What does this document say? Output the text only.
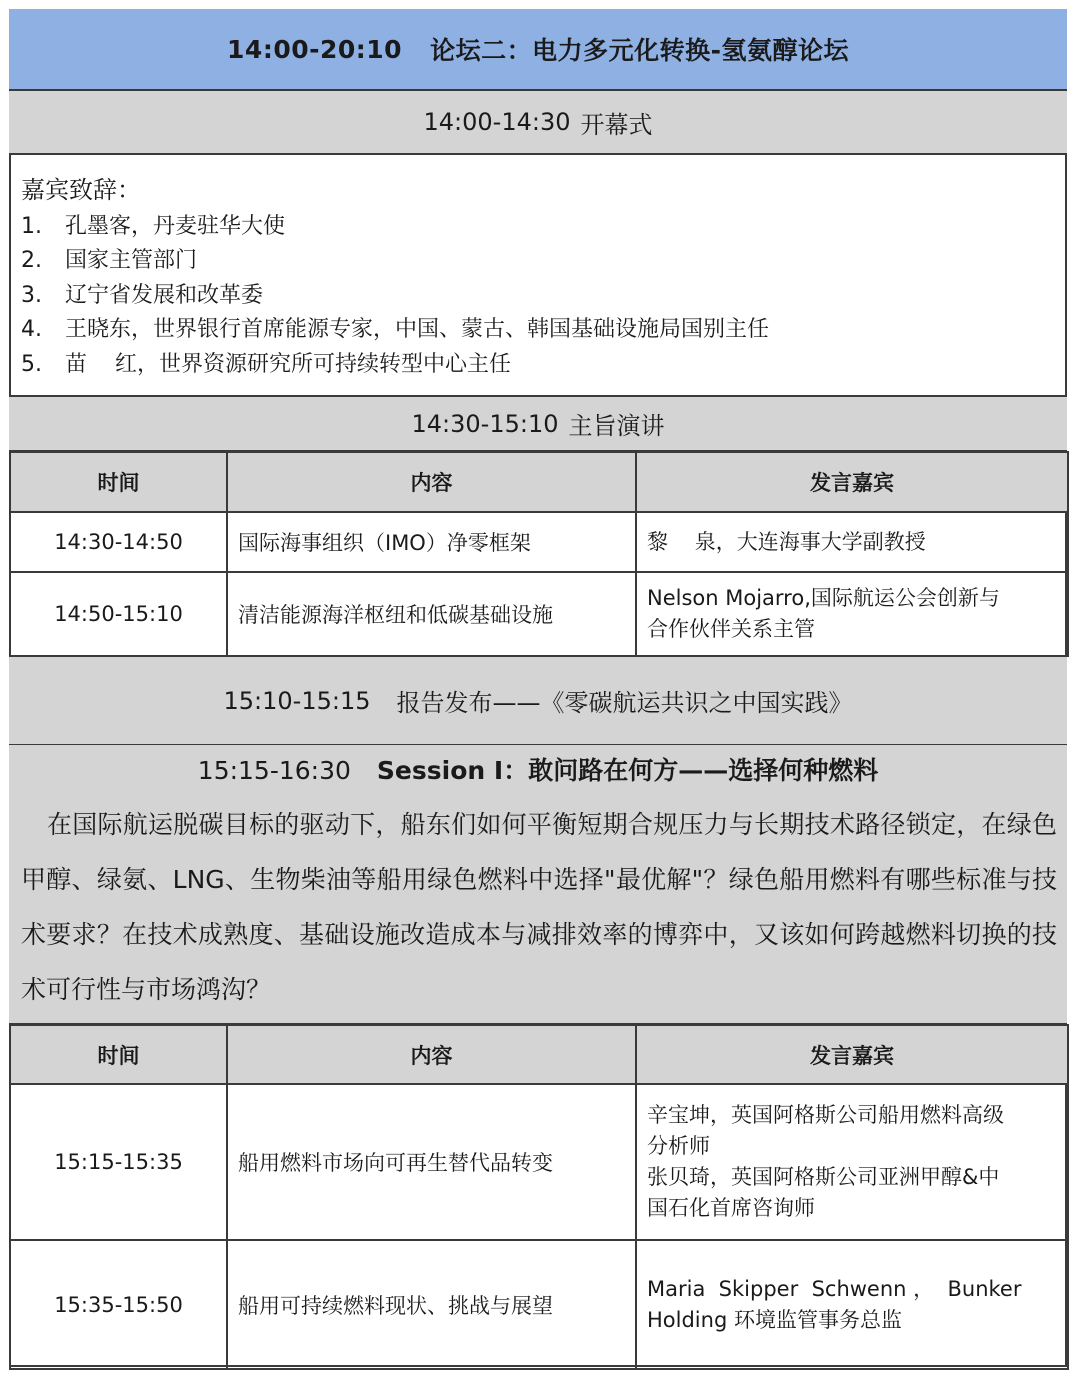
14:00-20:10 论坛二：电力多元化转换-氢氨醇论坛
14:00-14:30 开幕式
嘉宾致辞：
1. 孔墨客，丹麦驻华大使
2. 国家主管部门
3. 辽宁省发展和改革委
4. 王晓东，世界银行首席能源专家，中国、蒙古、韩国基础设施局国别主任
5. 苗    红，世界资源研究所可持续转型中心主任
14:30-15:10 主旨演讲
时间	内容	发言嘉宾
14:30-14:50	国际海事组织（IMO）净零框架	黎    泉，大连海事大学副教授

14:50-15:10	清洁能源海洋枢纽和低碳基础设施	Nelson Mojarro,国际航运公会创新与
合作伙伴关系主管
15:10-15:15 报告发布——《零碳航运共识之中国实践》
15:15-16:30 Session I：敢问路在何方——选择何种燃料
在国际航运脱碳目标的驱动下，船东们如何平衡短期合规压力与长期技术路径锁定，在绿色甲醇、绿氨、LNG、生物柴油等船用绿色燃料中选择"最优解"？绿色船用燃料有哪些标准与技术要求？在技术成熟度、基础设施改造成本与减排效率的博弈中，又该如何跨越燃料切换的技术可行性与市场鸿沟？
时间	内容	发言嘉宾
15:15-15:35	船用燃料市场向可再生替代品转变	辛宝坤，英国阿格斯公司船用燃料高级
分析师
张贝琦，英国阿格斯公司亚洲甲醇&中
国石化首席咨询师

15:35-15:50	船用可持续燃料现状、挑战与展望	Maria  Skipper  Schwenn ，  Bunker
Holding 环境监管事务总监
